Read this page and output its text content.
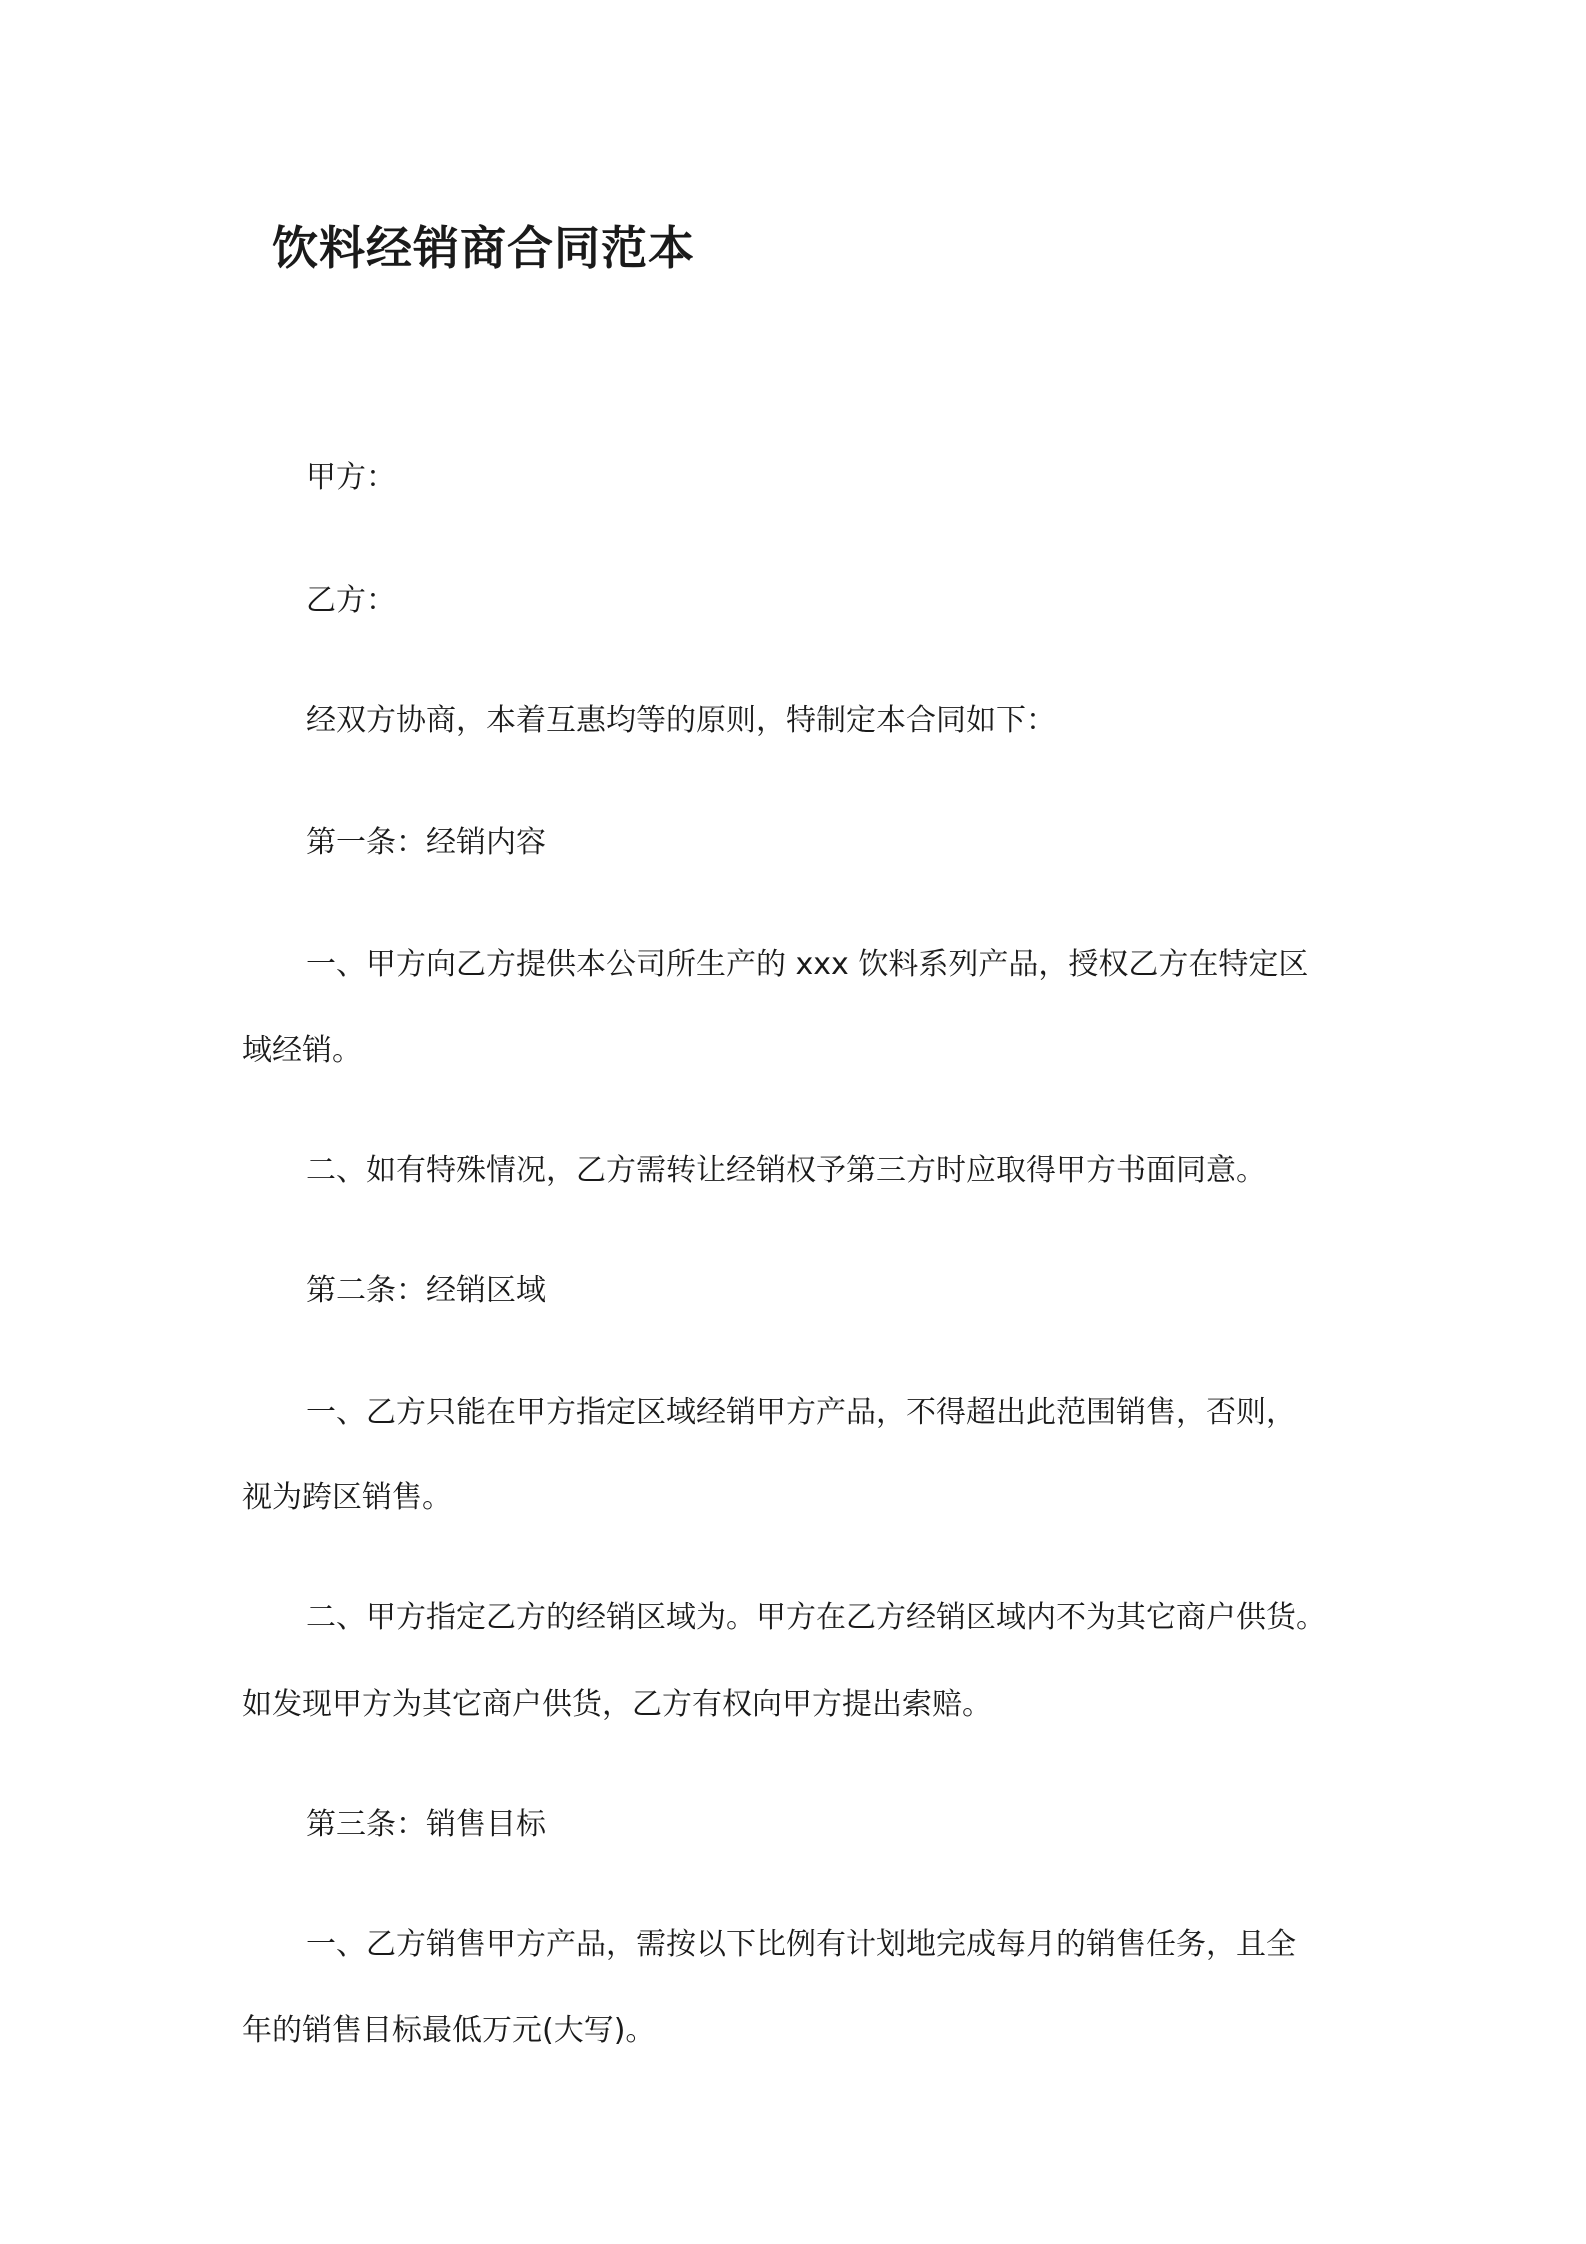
饮料经销商合同范本

甲方：

乙方：

经双方协商，本着互惠均等的原则，特制定本合同如下：

第一条：经销内容

一、甲方向乙方提供本公司所生产的 xxx 饮料系列产品，授权乙方在特定区

域经销。

二、如有特殊情况，乙方需转让经销权予第三方时应取得甲方书面同意。

第二条：经销区域

一、乙方只能在甲方指定区域经销甲方产品，不得超出此范围销售，否则，

视为跨区销售。

二、甲方指定乙方的经销区域为。甲方在乙方经销区域内不为其它商户供货。

如发现甲方为其它商户供货，乙方有权向甲方提出索赔。

第三条：销售目标

一、乙方销售甲方产品，需按以下比例有计划地完成每月的销售任务，且全

年的销售目标最低万元(大写)。
